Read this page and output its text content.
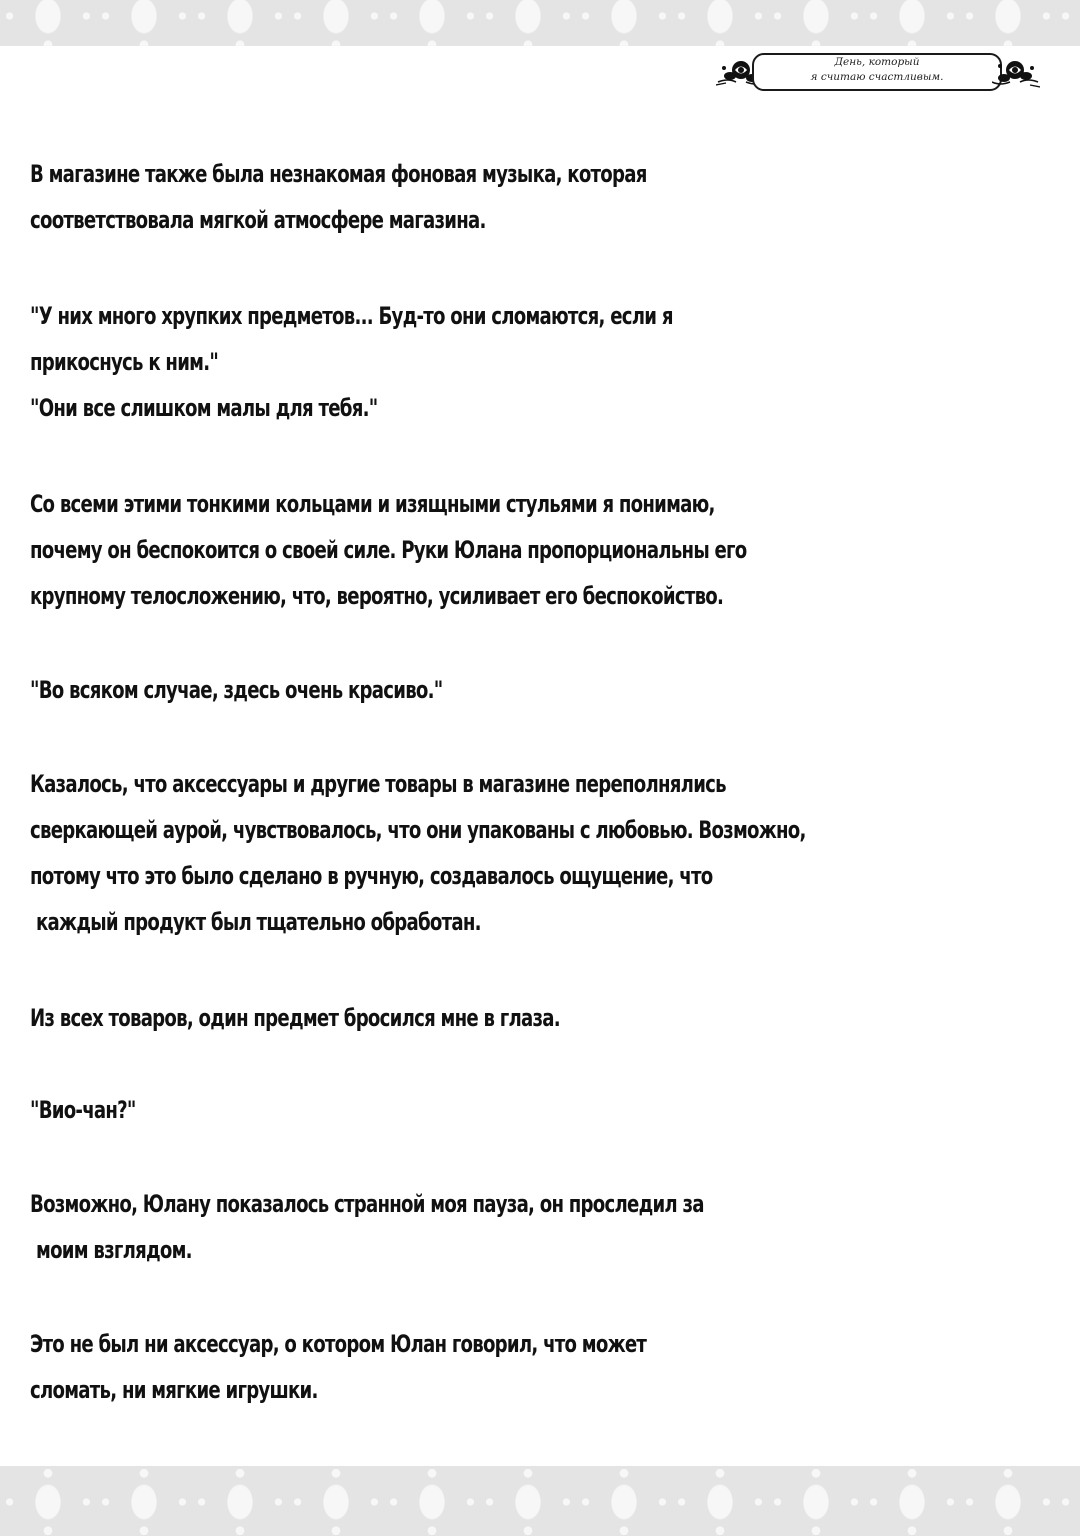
День, который
я считаю счастливым.
В магазине также была незнакомая фоновая музыка, которая
соответствовала мягкой атмосфере магазина.
"У них много хрупких предметов... Буд-то они сломаются, если я
прикоснусь к ним."
"Они все слишком малы для тебя."
Со всеми этими тонкими кольцами и изящными стульями я понимаю,
почему он беспокоится о своей силе. Руки Юлана пропорциональны его
крупному телосложению, что, вероятно, усиливает его беспокойство.
"Во всяком случае, здесь очень красиво."
Казалось, что аксессуары и другие товары в магазине переполнялись
сверкающей аурой, чувствовалось, что они упакованы с любовью. Возможно,
потому что это было сделано в ручную, создавалось ощущение, что
каждый продукт был тщательно обработан.
Из всех товаров, один предмет бросился мне в глаза.
"Вио-чан?"
Возможно, Юлану показалось странной моя пауза, он проследил за
моим взглядом.
Это не был ни аксессуар, о котором Юлан говорил, что может
сломать, ни мягкие игрушки.
